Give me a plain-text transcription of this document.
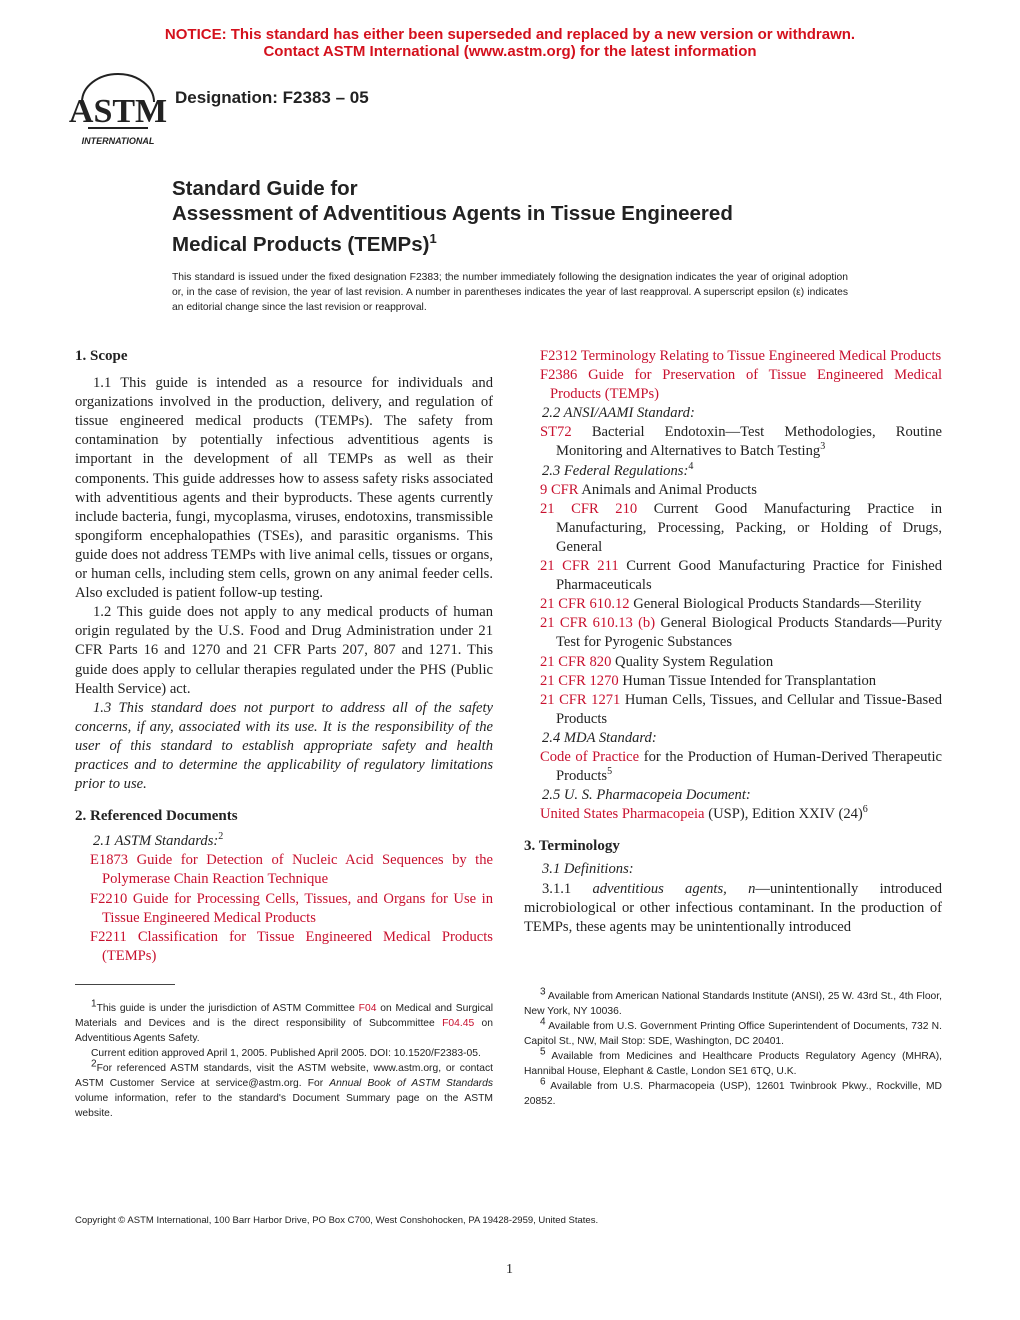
NOTICE: This standard has either been superseded and replaced by a new version or withdrawn.
Contact ASTM International (www.astm.org) for the latest information
ASTM
INTERNATIONAL
Designation: F2383 – 05
Standard Guide for
Assessment of Adventitious Agents in Tissue Engineered
Medical Products (TEMPs)$^1$
This standard is issued under the fixed designation F2383; the number immediately following the designation indicates the year of original adoption or, in the case of revision, the year of last revision. A number in parentheses indicates the year of last reapproval. A superscript epsilon (ε) indicates an editorial change since the last revision or reapproval.

1. Scope

1.1 This guide is intended as a resource for individuals and organizations involved in the production, delivery, and regulation of tissue engineered medical products (TEMPs). The safety from contamination by potentially infectious adventitious agents is important in the development of all TEMPs as well as their components. This guide addresses how to assess safety risks associated with adventitious agents and their byproducts. These agents currently include bacteria, fungi, mycoplasma, viruses, endotoxins, transmissible spongiform encephalopathies (TSEs), and parasitic organisms. This guide does not address TEMPs with live animal cells, tissues or organs, or human cells, including stem cells, grown on any animal feeder cells. Also excluded is patient follow-up testing.

1.2 This guide does not apply to any medical products of human origin regulated by the U.S. Food and Drug Administration under 21 CFR Parts 16 and 1270 and 21 CFR Parts 207, 807 and 1271. This guide does apply to cellular therapies regulated under the PHS (Public Health Service) act.

1.3 This standard does not purport to address all of the safety concerns, if any, associated with its use. It is the responsibility of the user of this standard to establish appropriate safety and health practices and to determine the applicability of regulatory limitations prior to use.

2. Referenced Documents

2.1 ASTM Standards:$^2$

E1873 Guide for Detection of Nucleic Acid Sequences by the Polymerase Chain Reaction Technique

F2210 Guide for Processing Cells, Tissues, and Organs for Use in Tissue Engineered Medical Products

F2211 Classification for Tissue Engineered Medical Products (TEMPs)

1This guide is under the jurisdiction of ASTM Committee F04 on Medical and Surgical Materials and Devices and is the direct responsibility of Subcommittee F04.45 on Adventitious Agents Safety.

Current edition approved April 1, 2005. Published April 2005. DOI: 10.1520/F2383-05.

2For referenced ASTM standards, visit the ASTM website, www.astm.org, or contact ASTM Customer Service at service@astm.org. For Annual Book of ASTM Standards volume information, refer to the standard's Document Summary page on the ASTM website.

F2312 Terminology Relating to Tissue Engineered Medical Products

F2386 Guide for Preservation of Tissue Engineered Medical Products (TEMPs)

2.2 ANSI/AAMI Standard:

ST72 Bacterial Endotoxin—Test Methodologies, Routine Monitoring and Alternatives to Batch Testing$^3$

2.3 Federal Regulations:$^4$

9 CFR Animals and Animal Products

21 CFR 210 Current Good Manufacturing Practice in Manufacturing, Processing, Packing, or Holding of Drugs, General

21 CFR 211 Current Good Manufacturing Practice for Finished Pharmaceuticals

21 CFR 610.12 General Biological Products Standards—Sterility

21 CFR 610.13 (b) General Biological Products Standards—Purity Test for Pyrogenic Substances

21 CFR 820 Quality System Regulation

21 CFR 1270 Human Tissue Intended for Transplantation

21 CFR 1271 Human Cells, Tissues, and Cellular and Tissue-Based Products

2.4 MDA Standard:

Code of Practice for the Production of Human-Derived Therapeutic Products$^5$

2.5 U. S. Pharmacopeia Document:

United States Pharmacopeia (USP), Edition XXIV $(24)^6$

3. Terminology

3.1 Definitions:

3.1.1 adventitious agents, n—unintentionally introduced microbiological or other infectious contaminant. In the production of TEMPs, these agents may be unintentionally introduced

3 Available from American National Standards Institute (ANSI), 25 W. 43rd St., 4th Floor, New York, NY 10036.

4 Available from U.S. Government Printing Office Superintendent of Documents, 732 N. Capitol St., NW, Mail Stop: SDE, Washington, DC 20401.

5 Available from Medicines and Healthcare Products Regulatory Agency (MHRA), Hannibal House, Elephant & Castle, London SE1 6TQ, U.K.

6 Available from U.S. Pharmacopeia (USP), 12601 Twinbrook Pkwy., Rockville, MD 20852.

Copyright © ASTM International, 100 Barr Harbor Drive, PO Box C700, West Conshohocken, PA 19428-2959, United States.
1
